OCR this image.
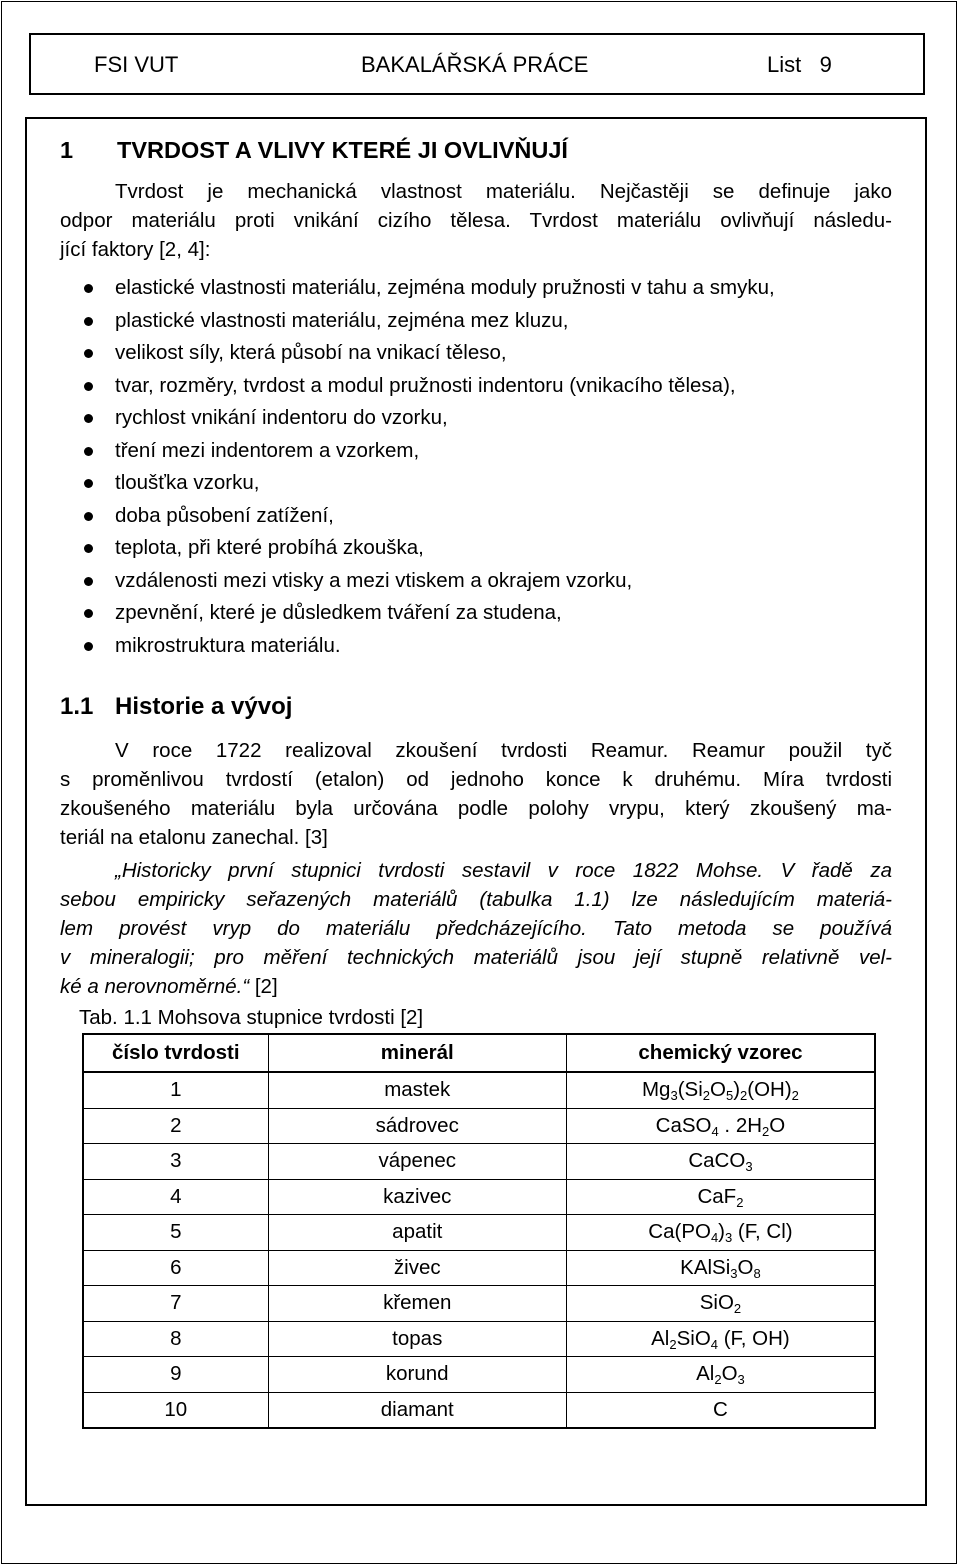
FSI VUT	BAKALÁŘSKÁ PRÁCE	List   9
1 TVRDOST A VLIVY KTERÉ JI OVLIVŇUJÍ
Tvrdost je mechanická vlastnost materiálu. Nejčastěji se definuje jako
odpor materiálu proti vnikání cizího tělesa. Tvrdost materiálu ovlivňují následu-
jící faktory [2, 4]:
elastické vlastnosti materiálu, zejména moduly pružnosti v tahu a smyku,
plastické vlastnosti materiálu, zejména mez kluzu,
velikost síly, která působí na vnikací těleso,
tvar, rozměry, tvrdost a modul pružnosti indentoru (vnikacího tělesa),
rychlost vnikání indentoru do vzorku,
tření mezi indentorem a vzorkem,
tloušťka vzorku,
doba působení zatížení,
teplota, při které probíhá zkouška,
vzdálenosti mezi vtisky a mezi vtiskem a okrajem vzorku,
zpevnění, které je důsledkem tváření za studena,
mikrostruktura materiálu.
1.1 Historie a vývoj
V roce 1722 realizoval zkoušení tvrdosti Reamur. Reamur použil tyč
s proměnlivou tvrdostí (etalon) od jednoho konce k druhému. Míra tvrdosti
zkoušeného materiálu byla určována podle polohy vrypu, který zkoušený ma-
teriál na etalonu zanechal. [3]
„Historicky první stupnici tvrdosti sestavil v roce 1822 Mohse. V řadě za
sebou empiricky seřazených materiálů (tabulka 1.1) lze následujícím materiá-
lem provést vryp do materiálu předcházejícího. Tato metoda se používá
v mineralogii; pro měření technických materiálů jsou její stupně relativně vel-
ké a nerovnoměrné.“ [2]
Tab. 1.1 Mohsova stupnice tvrdosti [2]
číslo tvrdosti	minerál	chemický vzorec
1	mastek	$Mg_3(Si_2O_5)_2(OH)_2$
2	sádrovec	CaSO$_4$ . $2H_2O$
3	vápenec	CaCO$_3$
4	kazivec	CaF$_2$
5	apatit	$Ca(PO_4)_3$ (F, Cl)
6	živec	$KAlSi_3O_8$
7	křemen	SiO$_2$
8	topas	$Al_2SiO_4$ (F, OH)
9	korund	$Al_2O_3$
10	diamant	C
